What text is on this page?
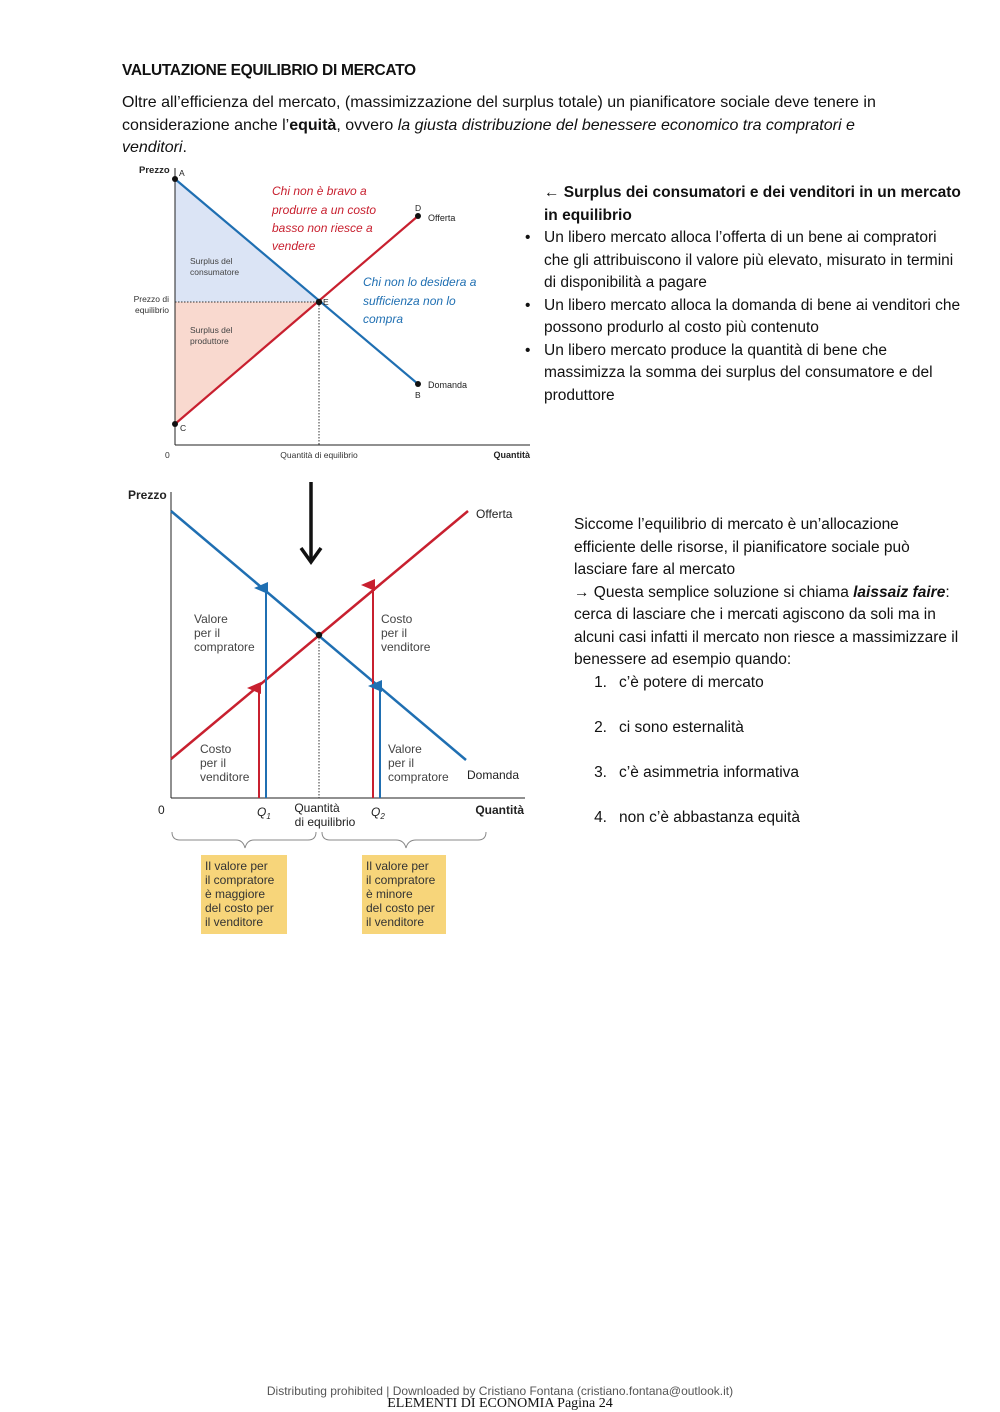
VALUTAZIONE EQUILIBRIO DI MERCATO
Oltre all’efficienza del mercato, (massimizzazione del surplus totale) un pianificatore sociale deve tenere in considerazione anche l’equità, ovvero la giusta distribuzione del benessere economico tra compratori e venditori.
Prezzo A
D
Offerta
E
Domanda
B
C
Surplus del
consumatore
Surplus del
produttore
Prezzo di
equilibrio
0	Quantità di equilibrio	Quantità
Chi non è bravo a
produrre a un costo
basso non riesce a
vendere
Chi non lo desidera a
sufficienza non lo
compra
Prezzo
Offerta
Domanda
0	Quantità
$Q_1$	$Q_2$
Quantità
di equilibrio
Valore
per il
compratore
Costo
per il
venditore
Costo
per il
venditore
Valore
per il
compratore
Il valore per
il compratore
è maggiore
del costo per
il venditore
Il valore per
il compratore
è minore
del costo per
il venditore
← Surplus dei consumatori e dei venditori in un mercato in equilibrio
• Un libero mercato alloca l’offerta di un bene ai compratori che gli attribuiscono il valore più elevato, misurato in termini di disponibilità a pagare
• Un libero mercato alloca la domanda di bene ai venditori che possono produrlo al costo più contenuto
• Un libero mercato produce la quantità di bene che massimizza la somma dei surplus del consumatore e del produttore
Siccome l’equilibrio di mercato è un’allocazione efficiente delle risorse, il pianificatore sociale può lasciare fare al mercato
→ Questa semplice soluzione si chiama laissaiz faire: cerca di lasciare che i mercati agiscono da soli ma in alcuni casi infatti il mercato non riesce a massimizzare il benessere ad esempio quando:
1. c’è potere di mercato
2. ci sono esternalità
3. c’è asimmetria informativa
4. non c’è abbastanza equità
Distributing prohibited | Downloaded by Cristiano Fontana (cristiano.fontana@outlook.it)
ELEMENTI DI ECONOMIA Pagina 24
